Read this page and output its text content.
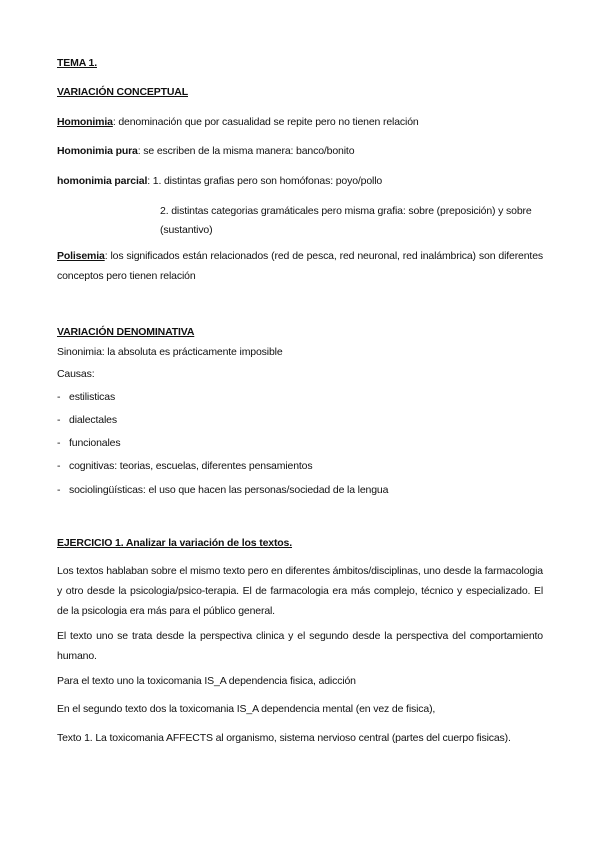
TEMA 1.
VARIACIÓN CONCEPTUAL
Homonimia: denominación que por casualidad se repite pero no tienen relación
Homonimia pura: se escriben de la misma manera: banco/bonito
homonimia parcial: 1. distintas grafias pero son homófonas: poyo/pollo
2. distintas categorias gramáticales pero misma grafia: sobre (preposición) y sobre (sustantivo)
Polisemia: los significados están relacionados (red de pesca, red neuronal, red inalámbrica) son diferentes conceptos pero tienen relación
VARIACIÓN DENOMINATIVA
Sinonimia: la absoluta es prácticamente imposible
Causas:
- estilisticas
- dialectales
- funcionales
- cognitivas: teorias, escuelas, diferentes pensamientos
- sociolingüísticas: el uso que hacen las personas/sociedad de la lengua
EJERCICIO 1. Analizar la variación de los textos.
Los textos hablaban sobre el mismo texto pero en diferentes ámbitos/disciplinas, uno desde la farmacologia y otro desde la psicologia/psico-terapia. El de farmacologia era más complejo, técnico y especializado. El de la psicologia era más para el público general.
El texto uno se trata desde la perspectiva clinica y el segundo desde la perspectiva del comportamiento humano.
Para el texto uno la toxicomania IS_A dependencia fisica, adicción
En el segundo texto dos la toxicomania IS_A dependencia mental (en vez de fisica),
Texto 1. La toxicomania AFFECTS al organismo, sistema nervioso central (partes del cuerpo fisicas).
